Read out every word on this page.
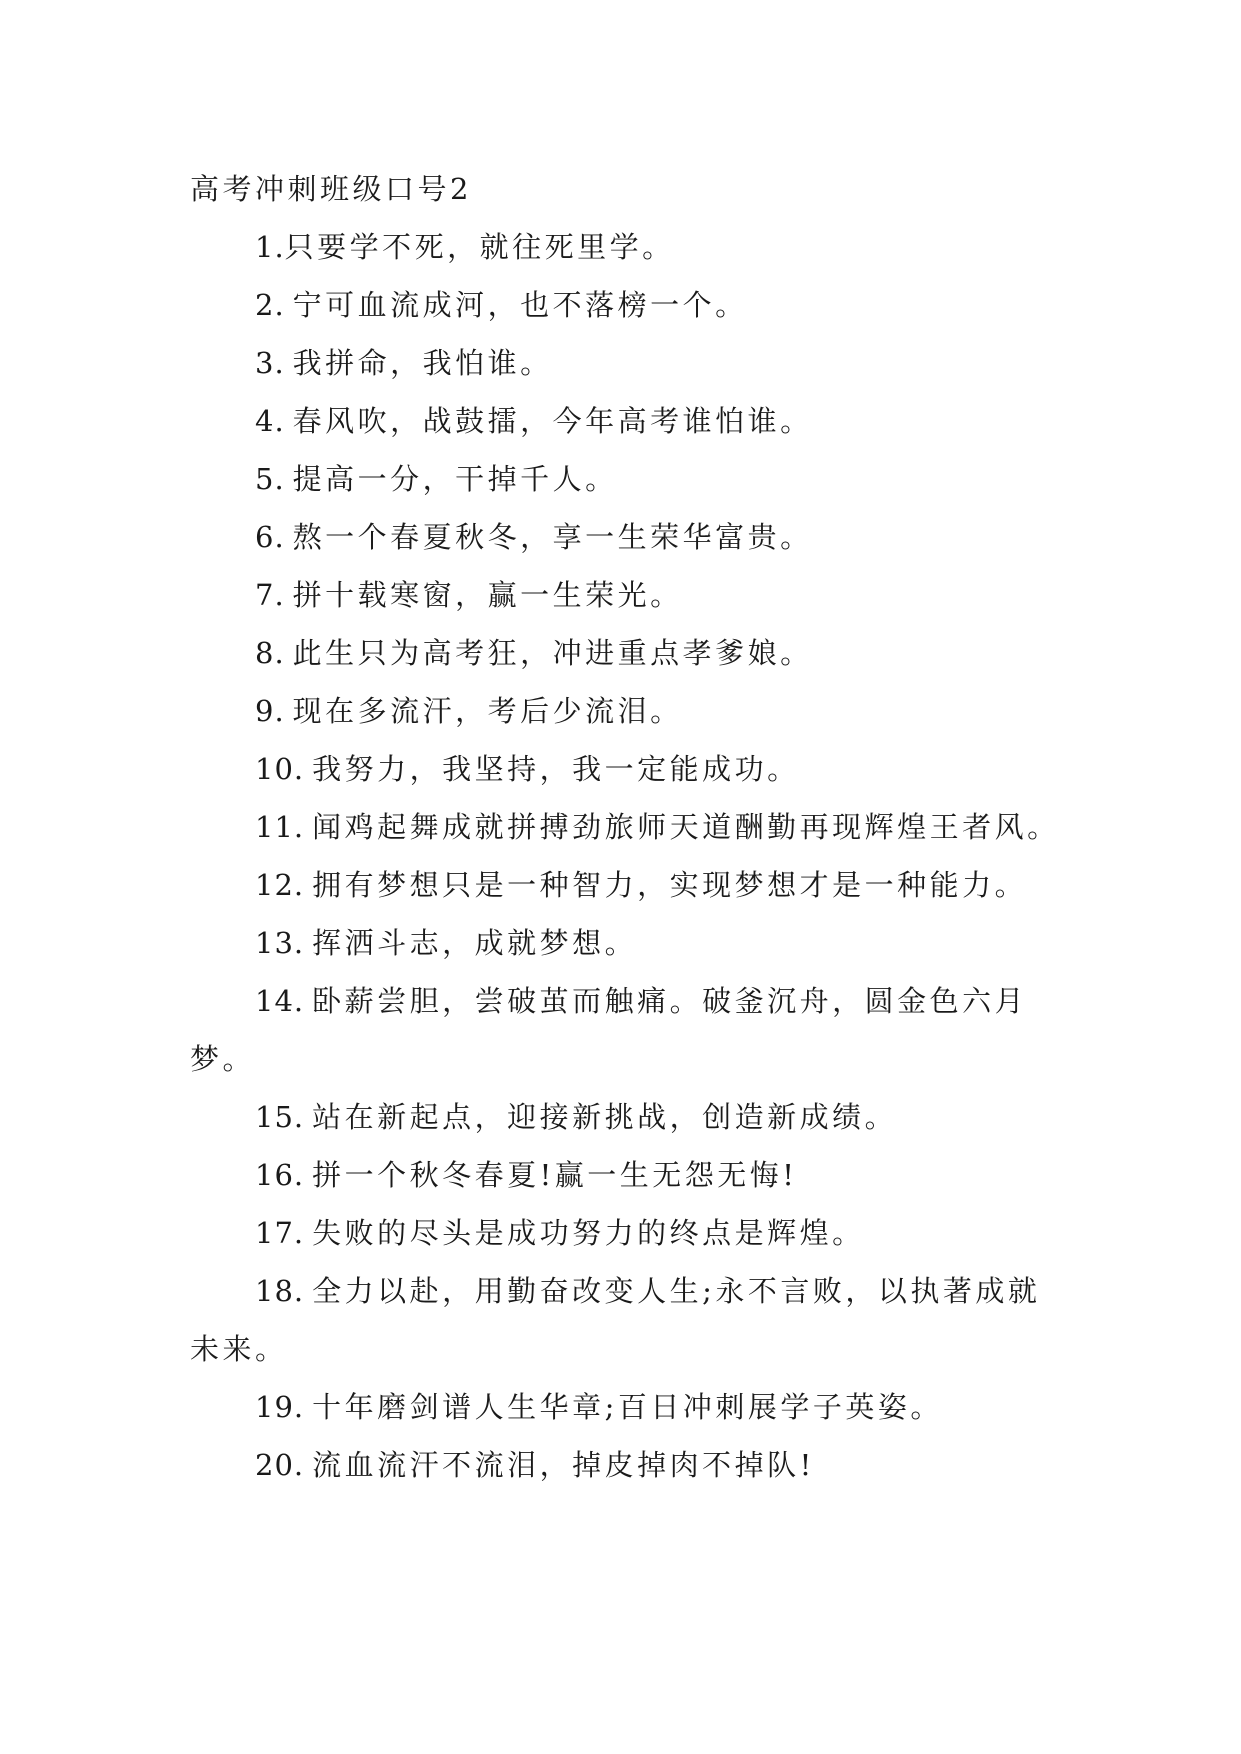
高考冲刺班级口号2
1.只要学不死，就往死里学。
2. 宁可血流成河，也不落榜一个。
3. 我拼命，我怕谁。
4. 春风吹，战鼓擂，今年高考谁怕谁。
5. 提高一分，干掉千人。
6. 熬一个春夏秋冬，享一生荣华富贵。
7. 拼十载寒窗，赢一生荣光。
8. 此生只为高考狂，冲进重点孝爹娘。
9. 现在多流汗，考后少流泪。
10. 我努力，我坚持，我一定能成功。
11. 闻鸡起舞成就拼搏劲旅师天道酬勤再现辉煌王者风。
12. 拥有梦想只是一种智力，实现梦想才是一种能力。
13. 挥洒斗志，成就梦想。
14. 卧薪尝胆，尝破茧而触痛。破釜沉舟，圆金色六月梦。
15. 站在新起点，迎接新挑战，创造新成绩。
16. 拼一个秋冬春夏!赢一生无怨无悔!
17. 失败的尽头是成功努力的终点是辉煌。
18. 全力以赴，用勤奋改变人生;永不言败，以执著成就未来。
19. 十年磨剑谱人生华章;百日冲刺展学子英姿。
20. 流血流汗不流泪，掉皮掉肉不掉队!
